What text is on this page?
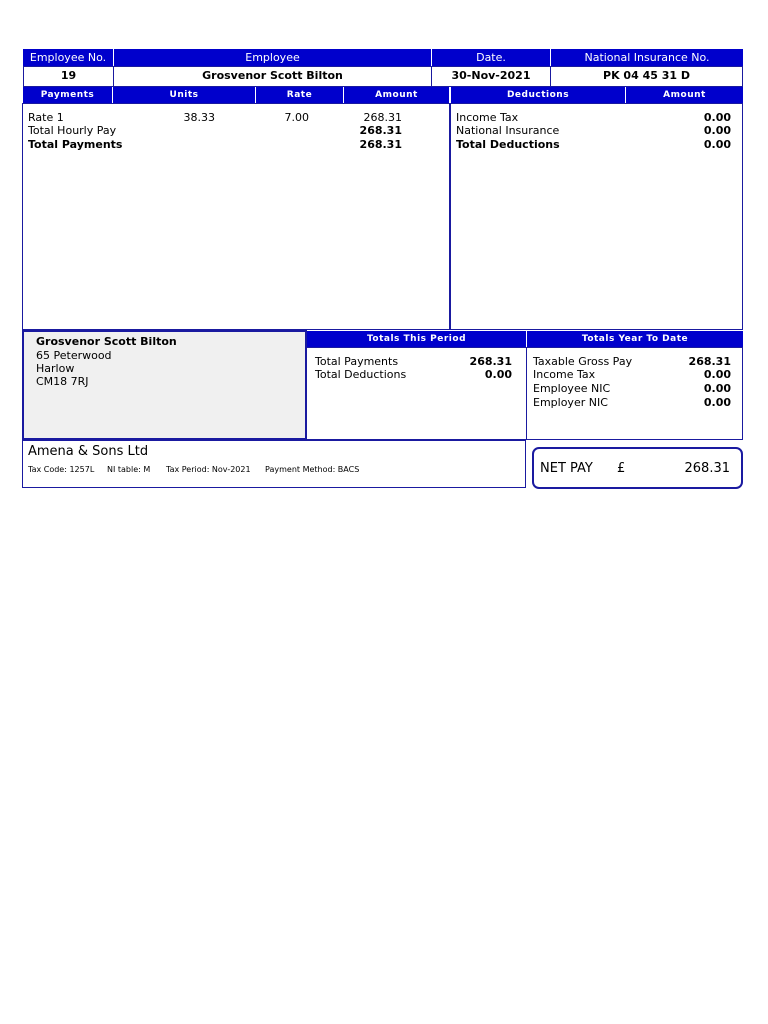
Employee No.	Employee	Date.	National Insurance No.
19	Grosvenor Scott Bilton	30-Nov-2021	PK 04 45 31 D
Payments	Units	Rate	Amount	Deductions	Amount
Rate 1	38.33	7.00	268.31
Total Hourly Pay	268.31
Total Payments	268.31
Income Tax	0.00
National Insurance	0.00
Total Deductions	0.00
Grosvenor Scott Bilton
65 Peterwood
Harlow
CM18 7RJ
Totals This Period
Total Payments	268.31
Total Deductions	0.00
Totals Year To Date
Taxable Gross Pay	268.31
Income Tax	0.00
Employee NIC	0.00
Employer NIC	0.00
Amena & Sons Ltd
Tax Code: 1257L NI table: M Tax Period: Nov-2021 Payment Method: BACS	NET PAY £	268.31
